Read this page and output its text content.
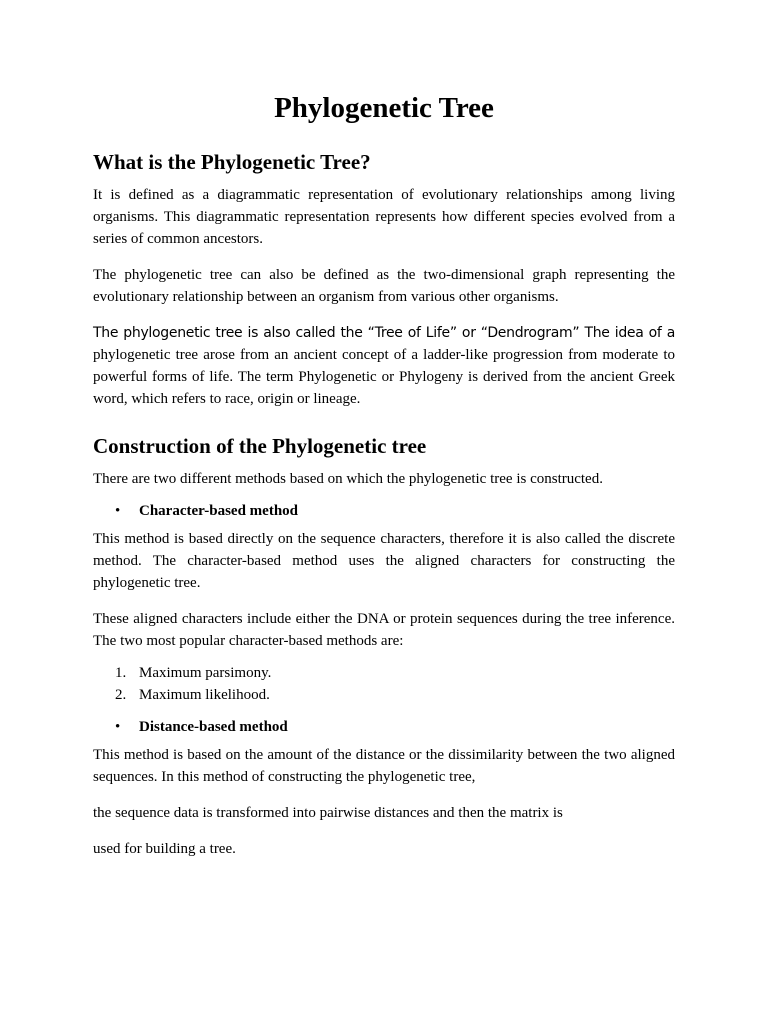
Phylogenetic Tree
What is the Phylogenetic Tree?

It is defined as a diagrammatic representation of evolutionary relationships among living organisms. This diagrammatic representation represents how different species evolved from a series of common ancestors.

The phylogenetic tree can also be defined as the two-dimensional graph representing the evolutionary relationship between an organism from various other organisms.

The phylogenetic tree is also called the “Tree of Life” or “Dendrogram” The idea of a phylogenetic tree arose from an ancient concept of a ladder-like progression from moderate to powerful forms of life. The term Phylogenetic or Phylogeny is derived from the ancient Greek word, which refers to race, origin or lineage.

Construction of the Phylogenetic tree

There are two different methods based on which the phylogenetic tree is constructed.

• Character-based method

This method is based directly on the sequence characters, therefore it is also called the discrete method. The character-based method uses the aligned characters for constructing the phylogenetic tree.

These aligned characters include either the DNA or protein sequences during the tree inference. The two most popular character-based methods are:

1. Maximum parsimony.
2. Maximum likelihood.
• Distance-based method

This method is based on the amount of the distance or the dissimilarity between the two aligned sequences. In this method of constructing the phylogenetic tree,

the sequence data is transformed into pairwise distances and then the matrix is

used for building a tree.
